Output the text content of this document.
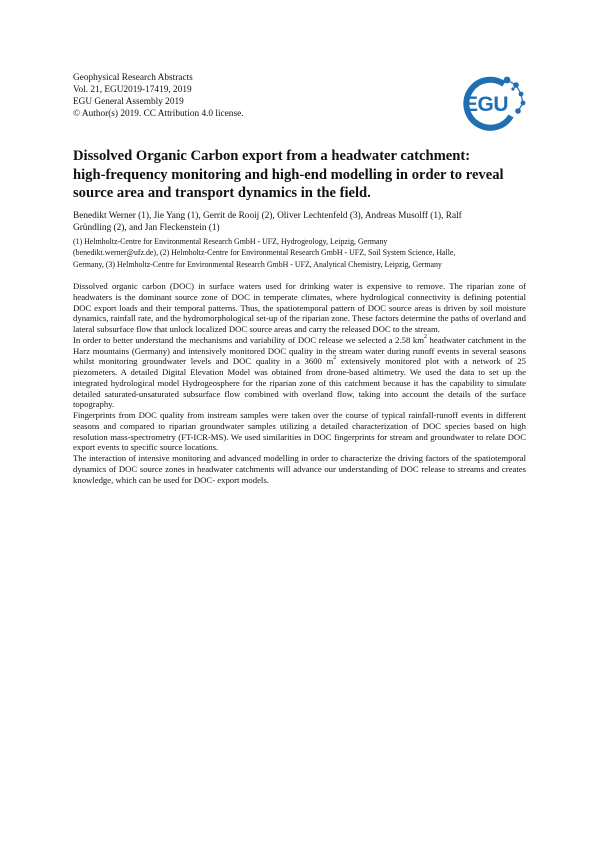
Geophysical Research Abstracts
Vol. 21, EGU2019-17419, 2019
EGU General Assembly 2019
© Author(s) 2019. CC Attribution 4.0 license.	EGU
Dissolved Organic Carbon export from a headwater catchment:
high-frequency monitoring and high-end modelling in order to reveal
source area and transport dynamics in the field.
Benedikt Werner (1), Jie Yang (1), Gerrit de Rooij (2), Oliver Lechtenfeld (3), Andreas Musolff (1), Ralf
Gründling (2), and Jan Fleckenstein (1)
(1) Helmholtz-Centre for Environmental Research GmbH - UFZ, Hydrogeology, Leipzig, Germany
(benedikt.werner@ufz.de), (2) Helmholtz-Centre for Environmental Research GmbH - UFZ, Soil System Science, Halle,
Germany, (3) Helmholtz-Centre for Environmental Research GmbH - UFZ, Analytical Chemistry, Leipzig, Germany

Dissolved organic carbon (DOC) in surface waters used for drinking water is expensive to remove. The riparian zone of headwaters is the dominant source zone of DOC in temperate climates, where hydrological connectivity is defining potential DOC export loads and their temporal patterns. Thus, the spatiotemporal pattern of DOC source areas is driven by soil moisture dynamics, rainfall rate, and the hydromorphological set-up of the riparian zone. These factors determine the paths of overland and lateral subsurface flow that unlock localized DOC source areas and carry the released DOC to the stream.

In order to better understand the mechanisms and variability of DOC release we selected a 2.58 $km^2$ headwater catchment in the Harz mountains (Germany) and intensively monitored DOC quality in the stream water during runoff events in several seasons whilst monitoring groundwater levels and DOC quality in a 3600 $m^2$ extensively monitored plot with a network of 25 piezometers. A detailed Digital Elevation Model was obtained from drone-based altimetry. We used the data to set up the integrated hydrological model Hydrogeosphere for the riparian zone of this catchment because it has the capability to simulate detailed saturated-unsaturated subsurface flow combined with overland flow, taking into account the details of the surface topography.

Fingerprints from DOC quality from instream samples were taken over the course of typical rainfall-runoff events in different seasons and compared to riparian groundwater samples utilizing a detailed characterization of DOC species based on high resolution mass-spectrometry (FT-ICR-MS). We used similarities in DOC fingerprints for stream and groundwater to relate DOC export events to specific source locations.

The interaction of intensive monitoring and advanced modelling in order to characterize the driving factors of the spatiotemporal dynamics of DOC source zones in headwater catchments will advance our understanding of DOC release to streams and creates knowledge, which can be used for DOC- export models.
